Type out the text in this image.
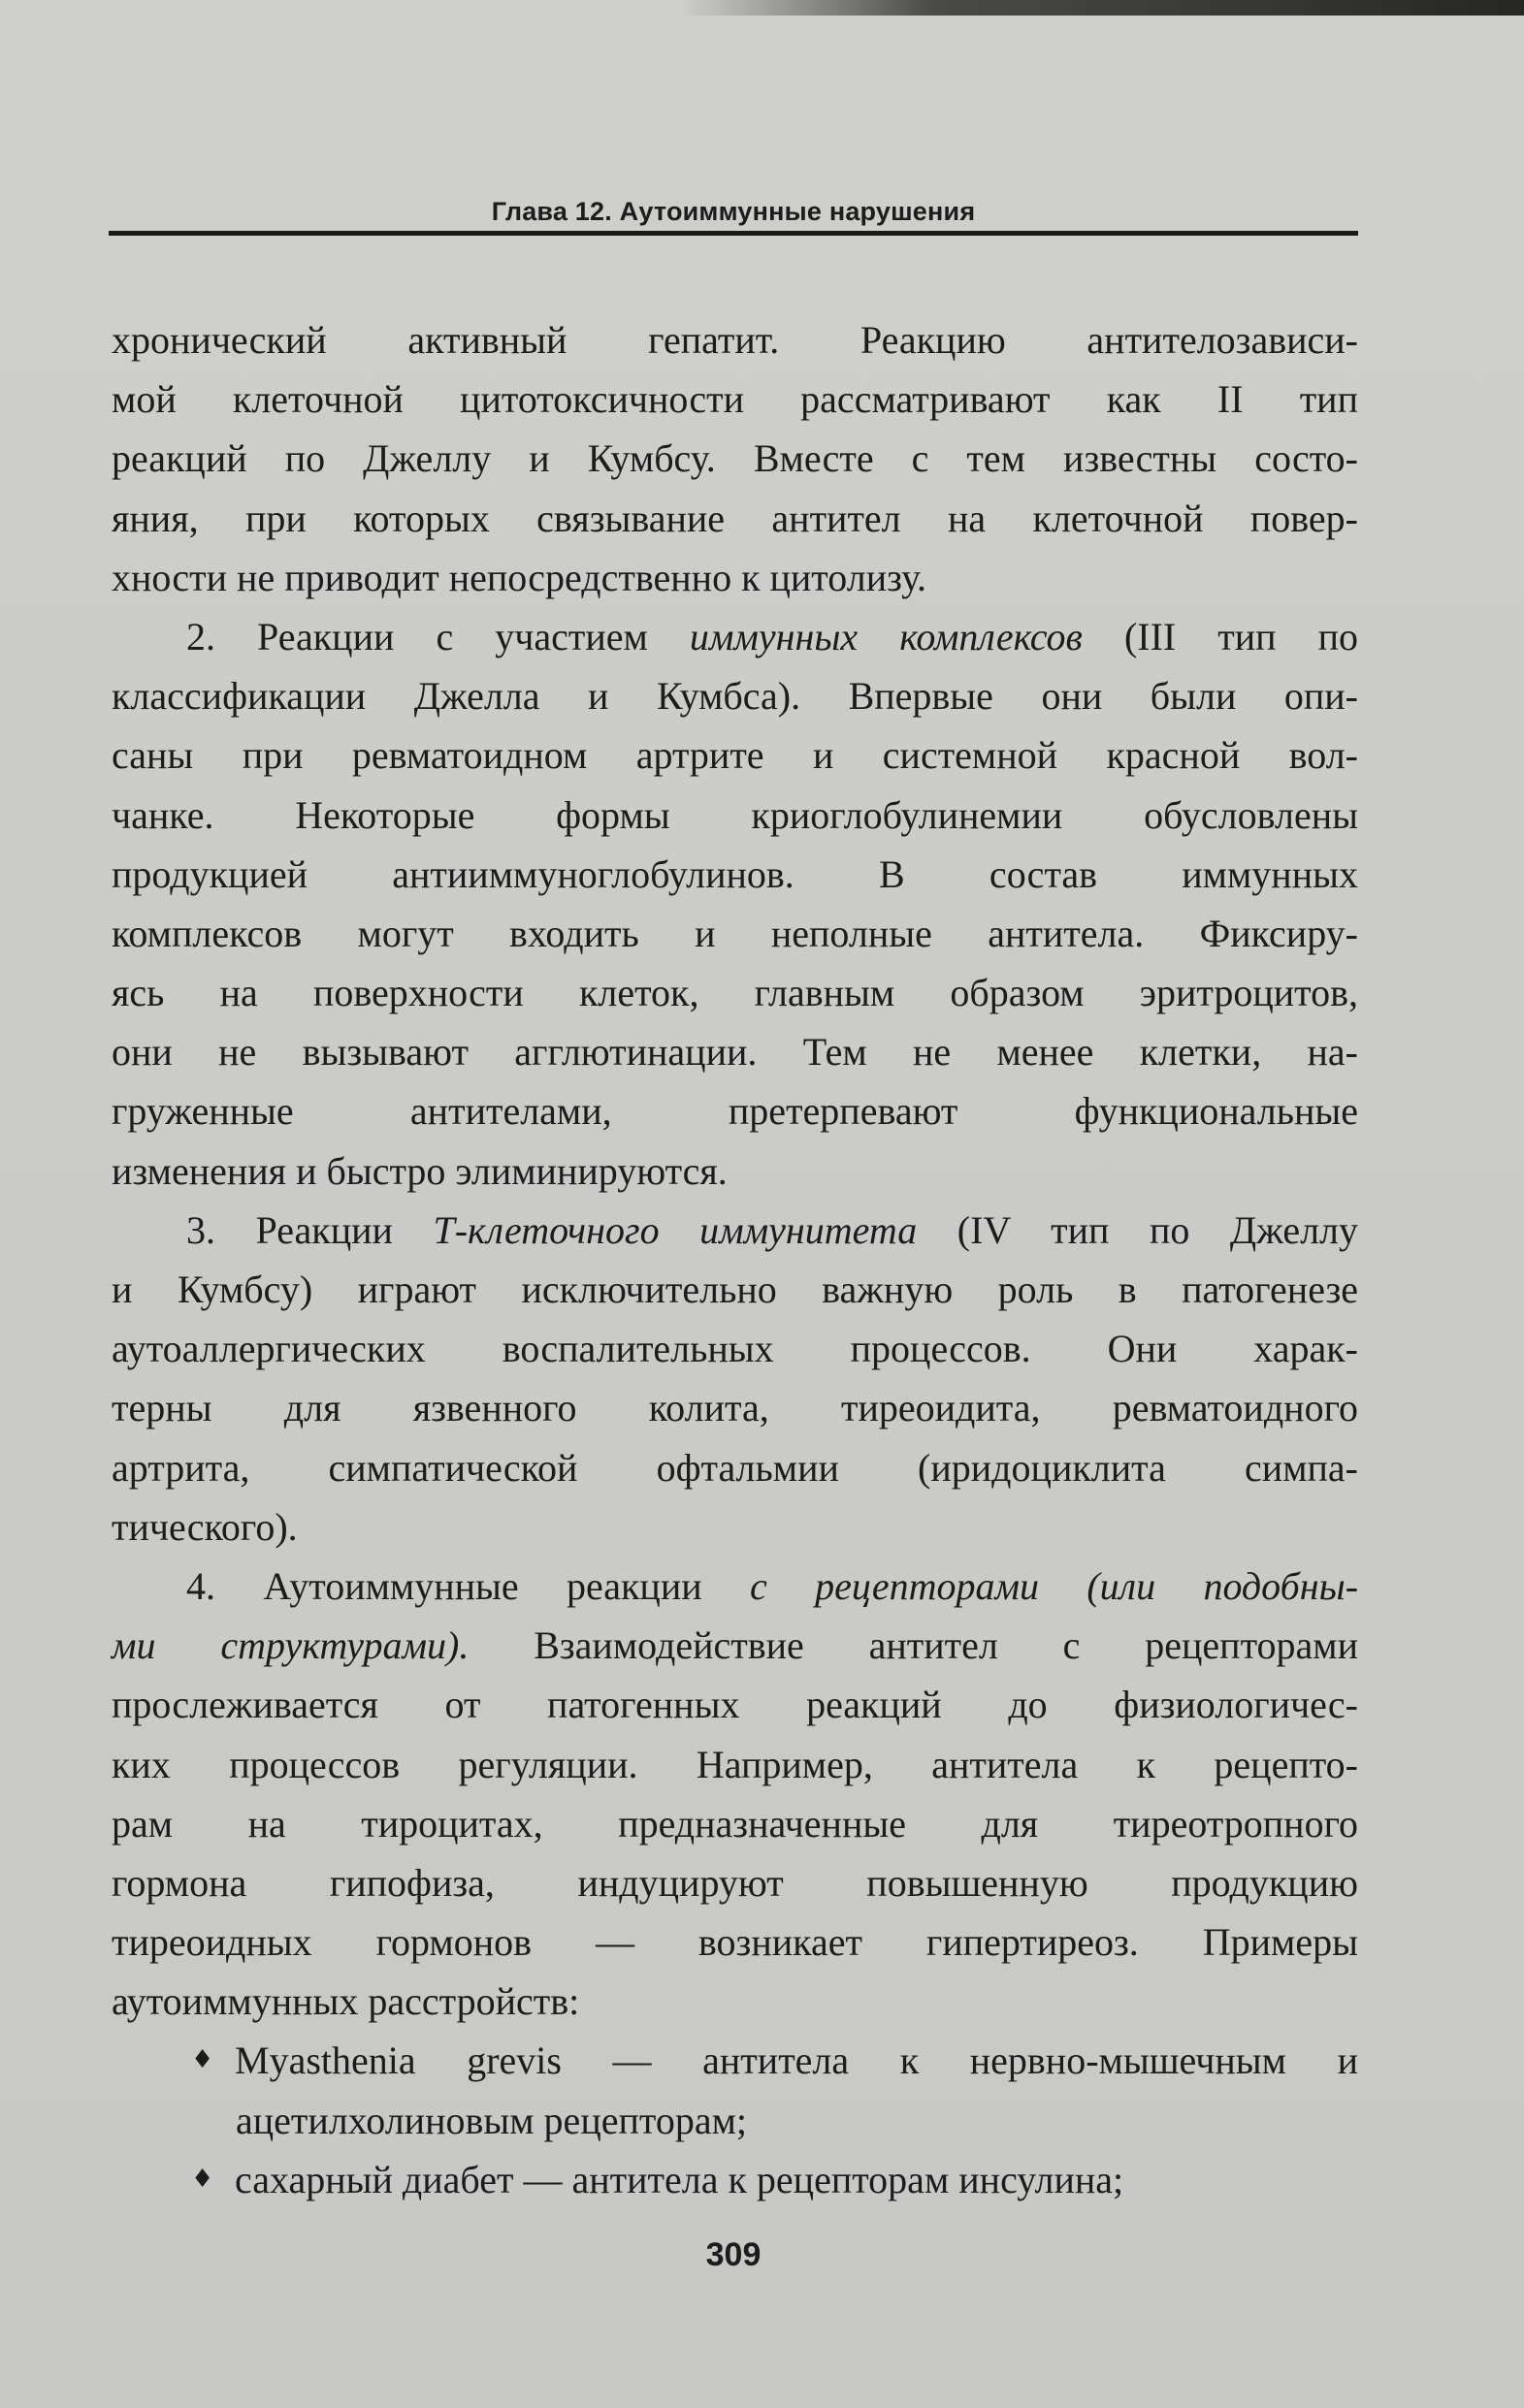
Глава 12. Аутоиммунные нарушения
хронический активный гепатит. Реакцию антителозависи-
мой клеточной цитотоксичности рассматривают как II тип
реакций по Джеллу и Кумбсу. Вместе с тем известны состо-
яния, при которых связывание антител на клеточной повер-
хности не приводит непосредственно к цитолизу.
2. Реакции с участием иммунных комплексов (III тип по
классификации Джелла и Кумбса). Впервые они были опи-
саны при ревматоидном артрите и системной красной вол-
чанке. Некоторые формы криоглобулинемии обусловлены
продукцией антииммуноглобулинов. В состав иммунных
комплексов могут входить и неполные антитела. Фиксиру-
ясь на поверхности клеток, главным образом эритроцитов,
они не вызывают агглютинации. Тем не менее клетки, на-
груженные антителами, претерпевают функциональные
изменения и быстро элиминируются.
3. Реакции Т-клеточного иммунитета (IV тип по Джеллу
и Кумбсу) играют исключительно важную роль в патогенезе
аутоаллергических воспалительных процессов. Они харак-
терны для язвенного колита, тиреоидита, ревматоидного
артрита, симпатической офтальмии (иридоциклита симпа-
тического).
4. Аутоиммунные реакции с рецепторами (или подобны-
ми структурами). Взаимодействие антител с рецепторами
прослеживается от патогенных реакций до физиологичес-
ких процессов регуляции. Например, антитела к рецепто-
рам на тироцитах, предназначенные для тиреотропного
гормона гипофиза, индуцируют повышенную продукцию
тиреоидных гормонов — возникает гипертиреоз. Примеры
аутоиммунных расстройств:
♦ Myasthenia grevis — антитела к нервно-мышечным и
ацетилхолиновым рецепторам;
♦ сахарный диабет — антитела к рецепторам инсулина;
309
